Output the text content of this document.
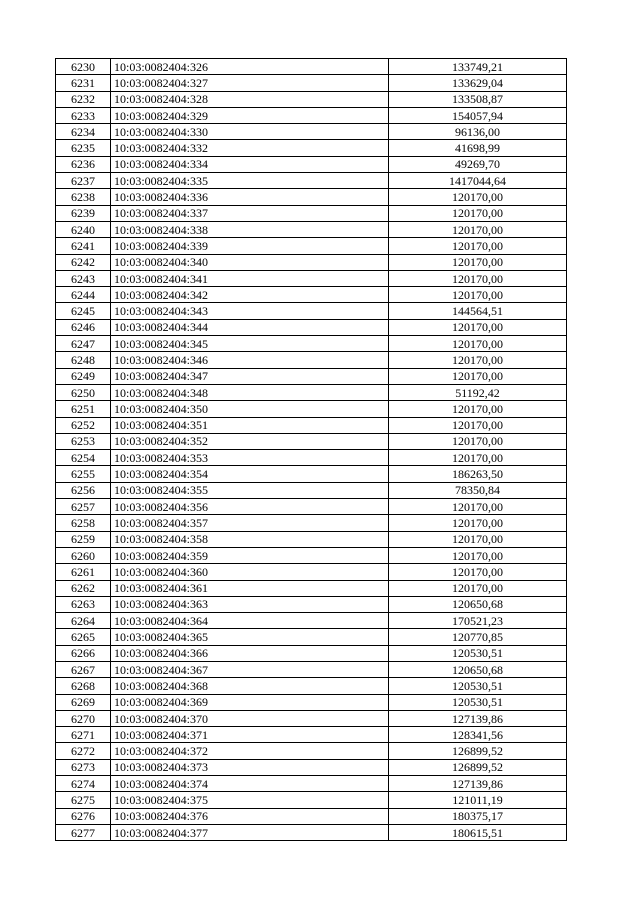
6230	10:03:0082404:326	133749,21
6231	10:03:0082404:327	133629,04
6232	10:03:0082404:328	133508,87
6233	10:03:0082404:329	154057,94
6234	10:03:0082404:330	96136,00
6235	10:03:0082404:332	41698,99
6236	10:03:0082404:334	49269,70
6237	10:03:0082404:335	1417044,64
6238	10:03:0082404:336	120170,00
6239	10:03:0082404:337	120170,00
6240	10:03:0082404:338	120170,00
6241	10:03:0082404:339	120170,00
6242	10:03:0082404:340	120170,00
6243	10:03:0082404:341	120170,00
6244	10:03:0082404:342	120170,00
6245	10:03:0082404:343	144564,51
6246	10:03:0082404:344	120170,00
6247	10:03:0082404:345	120170,00
6248	10:03:0082404:346	120170,00
6249	10:03:0082404:347	120170,00
6250	10:03:0082404:348	51192,42
6251	10:03:0082404:350	120170,00
6252	10:03:0082404:351	120170,00
6253	10:03:0082404:352	120170,00
6254	10:03:0082404:353	120170,00
6255	10:03:0082404:354	186263,50
6256	10:03:0082404:355	78350,84
6257	10:03:0082404:356	120170,00
6258	10:03:0082404:357	120170,00
6259	10:03:0082404:358	120170,00
6260	10:03:0082404:359	120170,00
6261	10:03:0082404:360	120170,00
6262	10:03:0082404:361	120170,00
6263	10:03:0082404:363	120650,68
6264	10:03:0082404:364	170521,23
6265	10:03:0082404:365	120770,85
6266	10:03:0082404:366	120530,51
6267	10:03:0082404:367	120650,68
6268	10:03:0082404:368	120530,51
6269	10:03:0082404:369	120530,51
6270	10:03:0082404:370	127139,86
6271	10:03:0082404:371	128341,56
6272	10:03:0082404:372	126899,52
6273	10:03:0082404:373	126899,52
6274	10:03:0082404:374	127139,86
6275	10:03:0082404:375	121011,19
6276	10:03:0082404:376	180375,17
6277	10:03:0082404:377	180615,51
